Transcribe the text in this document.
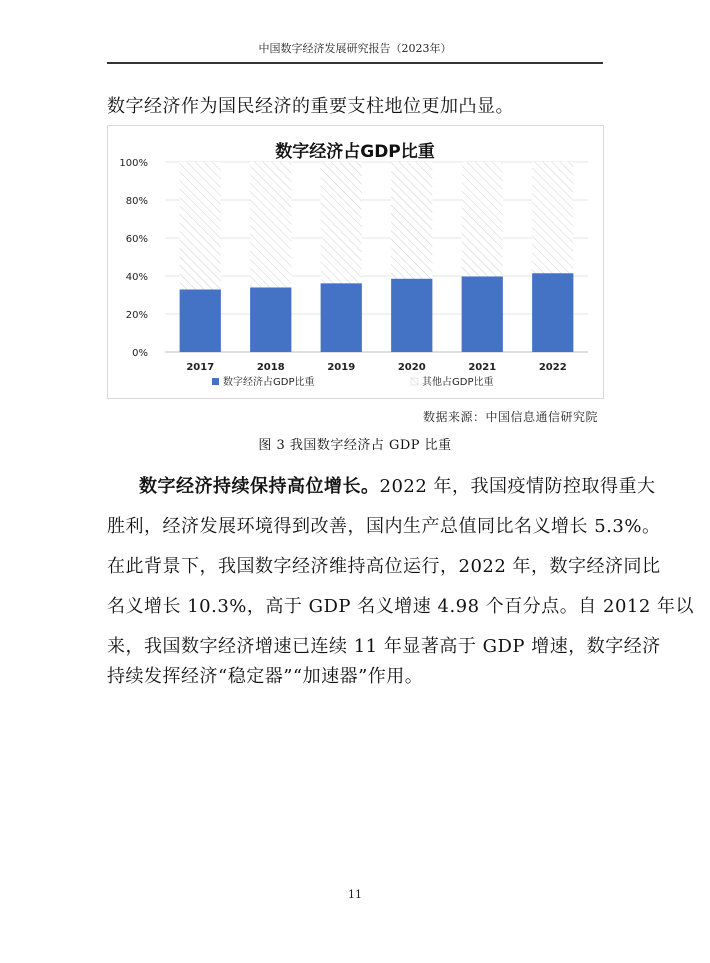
中国数字经济发展研究报告（2023年）
数字经济作为国民经济的重要支柱地位更加凸显。
数字经济占GDP比重
0%
20%
40%
60%
80%
100%
2017	2018	2019	2020	2021	2022
数字经济占GDP比重	其他占GDP比重
数据来源：中国信息通信研究院
图 3 我国数字经济占 GDP 比重
数字经济持续保持高位增长。2022 年，我国疫情防控取得重大
胜利，经济发展环境得到改善，国内生产总值同比名义增长 5.3%。
在此背景下，我国数字经济维持高位运行，2022 年，数字经济同比
名义增长 10.3%，高于 GDP 名义增速 4.98 个百分点。自 2012 年以
来，我国数字经济增速已连续 11 年显著高于 GDP 增速，数字经济
持续发挥经济“稳定器”“加速器”作用。
11
